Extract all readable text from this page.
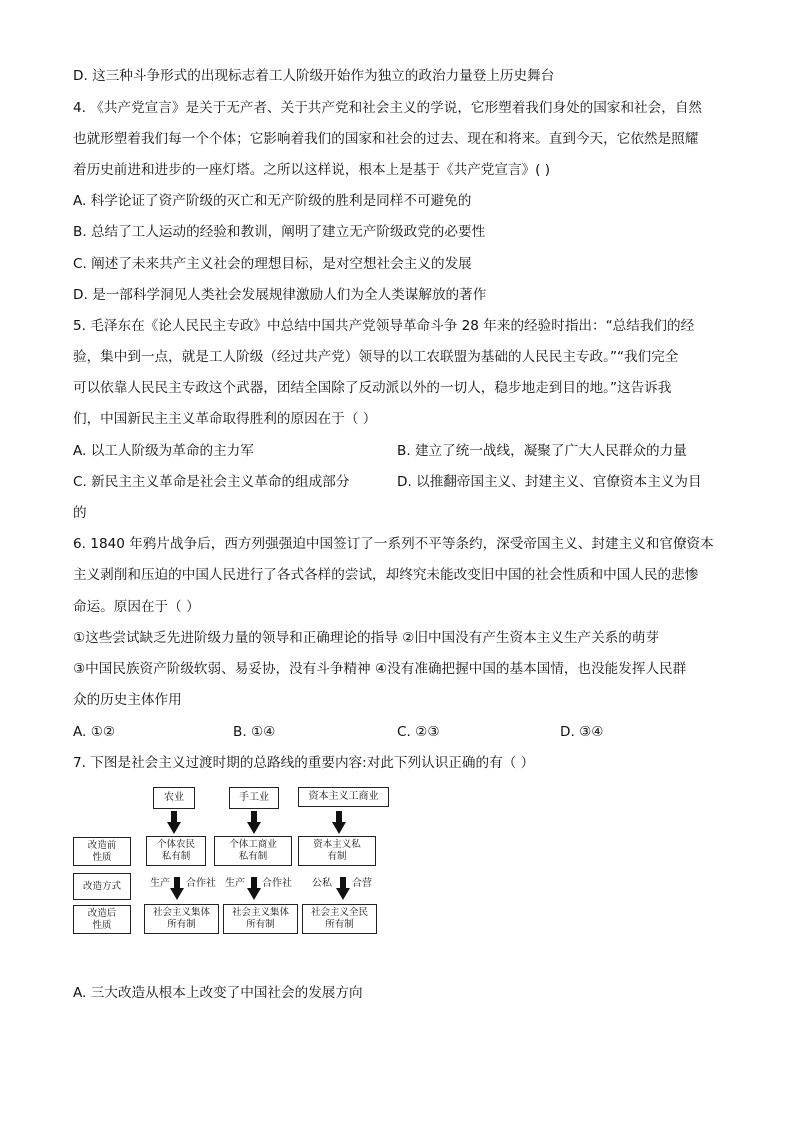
D. 这三种斗争形式的出现标志着工人阶级开始作为独立的政治力量登上历史舞台
4. 《共产党宣言》是关于无产者、关于共产党和社会主义的学说，它形塑着我们身处的国家和社会，自然
也就形塑着我们每一个个体；它影响着我们的国家和社会的过去、现在和将来。直到今天，它依然是照耀
着历史前进和进步的一座灯塔。之所以这样说，根本上是基于《共产党宣言》( )
A. 科学论证了资产阶级的灭亡和无产阶级的胜利是同样不可避免的
B. 总结了工人运动的经验和教训，阐明了建立无产阶级政党的必要性
C. 阐述了未来共产主义社会的理想目标，是对空想社会主义的发展
D. 是一部科学洞见人类社会发展规律激励人们为全人类谋解放的著作
5. 毛泽东在《论人民民主专政》中总结中国共产党领导革命斗争 28 年来的经验时指出：“总结我们的经
验，集中到一点，就是工人阶级（经过共产党）领导的以工农联盟为基础的人民民主专政。”“我们完全
可以依靠人民民主专政这个武器，团结全国除了反动派以外的一切人，稳步地走到目的地。”这告诉我
们，中国新民主主义革命取得胜利的原因在于（ ）
A. 以工人阶级为革命的主力军	B. 建立了统一战线，凝聚了广大人民群众的力量
C. 新民主主义革命是社会主义革命的组成部分	D. 以推翻帝国主义、封建主义、官僚资本主义为目
的
6. 1840 年鸦片战争后，西方列强强迫中国签订了一系列不平等条约，深受帝国主义、封建主义和官僚资本
主义剥削和压迫的中国人民进行了各式各样的尝试，却终究未能改变旧中国的社会性质和中国人民的悲惨
命运。原因在于（ ）
①这些尝试缺乏先进阶级力量的领导和正确理论的指导 ②旧中国没有产生资本主义生产关系的萌芽
③中国民族资产阶级软弱、易妥协，没有斗争精神 ④没有准确把握中国的基本国情，也没能发挥人民群
众的历史主体作用
A. ①②	B. ①④	C. ②③	D. ③④
7. 下图是社会主义过渡时期的总路线的重要内容:对此下列认识正确的有（ ）
农业	手工业	资本主义工商业
改造前性质
改造方式
改造后性质
个体农民私有制
个体工商业私有制
资本主义私有制
生产 合作社 生产 合作社 公私 合营
社会主义集体所有制
社会主义集体所有制
社会主义全民所有制
A. 三大改造从根本上改变了中国社会的发展方向
